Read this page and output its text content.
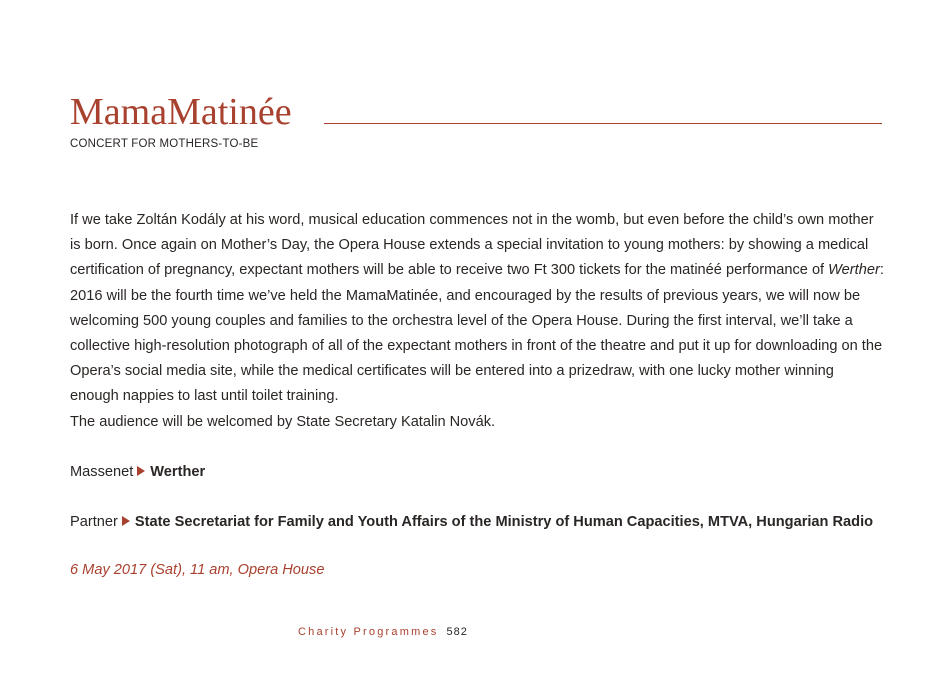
MamaMatinée
CONCERT FOR MOTHERS-TO-BE

If we take Zoltán Kodály at his word, musical education commences not in the womb, but even before the child’s own mother is born. Once again on Mother’s Day, the Opera House extends a special invitation to young mothers: by showing a medical certification of pregnancy, expectant mothers will be able to receive two Ft 300 tickets for the matinéé performance of Werther: 2016 will be the fourth time we’ve held the MamaMatinée, and encouraged by the results of previous years, we will now be welcoming 500 young couples and families to the orchestra level of the Opera House. During the first interval, we’ll take a collective high-resolution photograph of all of the expectant mothers in front of the theatre and put it up for downloading on the Opera’s social media site, while the medical certificates will be entered into a prizedraw, with one lucky mother winning enough nappies to last until toilet training.

The audience will be welcomed by State Secretary Katalin Novák.

Massenet Werther

Partner State Secretariat for Family and Youth Affairs of the Ministry of Human Capacities, MTVA, Hungarian Radio

6 May 2017 (Sat), 11 am, Opera House
Charity Programmes 582
